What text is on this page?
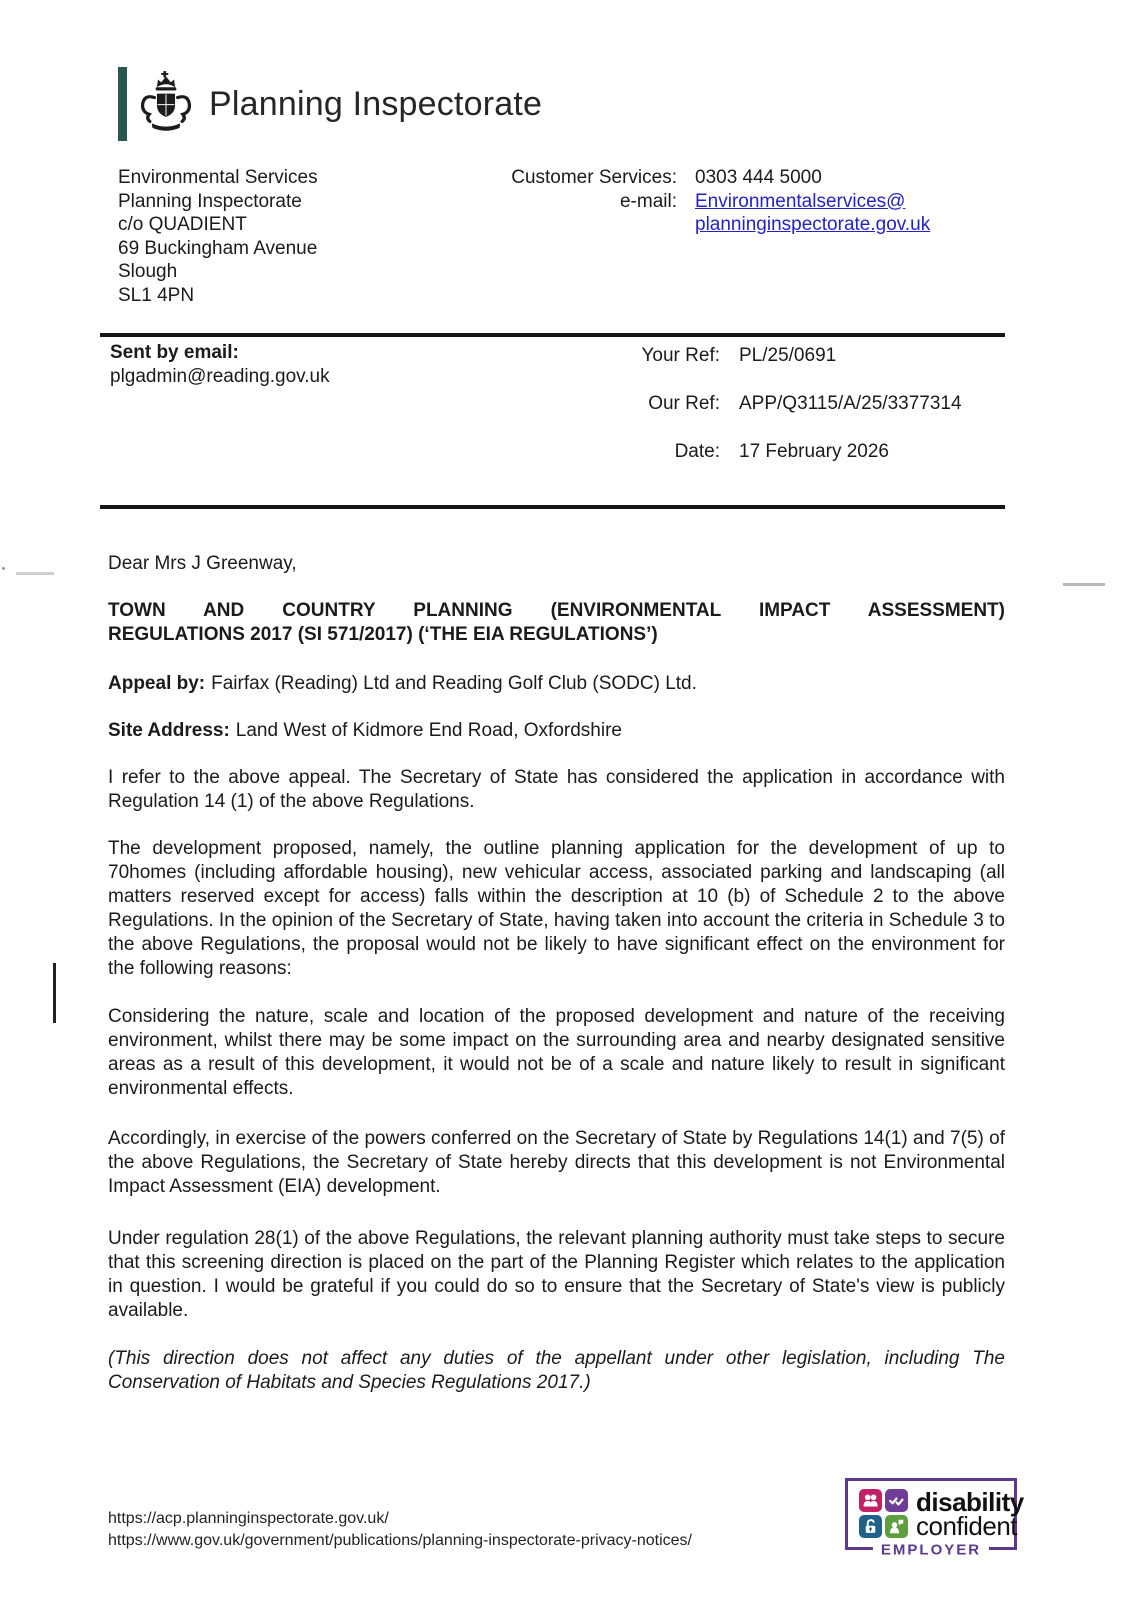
Planning Inspectorate
Environmental Services
Planning Inspectorate
c/o QUADIENT
69 Buckingham Avenue
Slough
SL1 4PN
Customer Services: 0303 444 5000
e-mail: Environmentalservices@
planninginspectorate.gov.uk
Sent by email:
plgadmin@reading.gov.uk
Your Ref: PL/25/0691
Our Ref: APP/Q3115/A/25/3377314
Date: 17 February 2026

Dear Mrs J Greenway,

TOWN AND COUNTRY PLANNING (ENVIRONMENTAL IMPACT ASSESSMENT)
REGULATIONS 2017 (SI 571/2017) (‘THE EIA REGULATIONS’)

Appeal by: Fairfax (Reading) Ltd and Reading Golf Club (SODC) Ltd.

Site Address: Land West of Kidmore End Road, Oxfordshire

I refer to the above appeal. The Secretary of State has considered the application in accordance with Regulation 14 (1) of the above Regulations.

The development proposed, namely, the outline planning application for the development of up to 70homes (including affordable housing), new vehicular access, associated parking and landscaping (all matters reserved except for access) falls within the description at 10 (b) of Schedule 2 to the above Regulations. In the opinion of the Secretary of State, having taken into account the criteria in Schedule 3 to the above Regulations, the proposal would not be likely to have significant effect on the environment for the following reasons:

Considering the nature, scale and location of the proposed development and nature of the receiving environment, whilst there may be some impact on the surrounding area and nearby designated sensitive areas as a result of this development, it would not be of a scale and nature likely to result in significant environmental effects.

Accordingly, in exercise of the powers conferred on the Secretary of State by Regulations 14(1) and 7(5) of the above Regulations, the Secretary of State hereby directs that this development is not Environmental Impact Assessment (EIA) development.

Under regulation 28(1) of the above Regulations, the relevant planning authority must take steps to secure that this screening direction is placed on the part of the Planning Register which relates to the application in question. I would be grateful if you could do so to ensure that the Secretary of State's view is publicly available.

(This direction does not affect any duties of the appellant under other legislation, including The Conservation of Habitats and Species Regulations 2017.)

https://acp.planninginspectorate.gov.uk/
https://www.gov.uk/government/publications/planning-inspectorate-privacy-notices/
disability
confident
EMPLOYER
